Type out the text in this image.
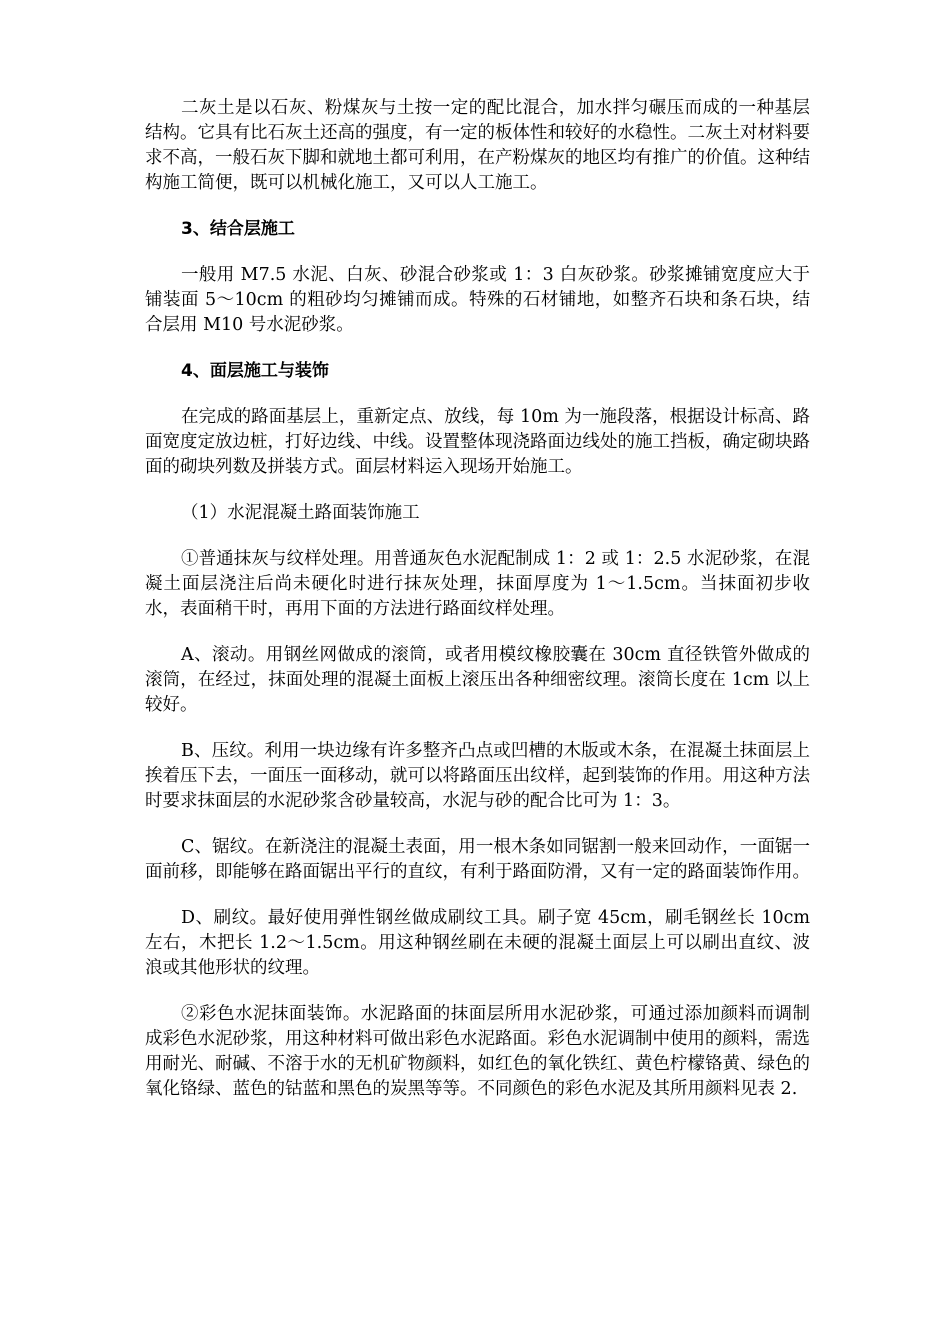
二灰土是以石灰、粉煤灰与土按一定的配比混合，加水拌匀碾压而成的一种基层结构。它具有比石灰土还高的强度，有一定的板体性和较好的水稳性。二灰土对材料要求不高，一般石灰下脚和就地土都可利用，在产粉煤灰的地区均有推广的价值。这种结构施工简便，既可以机械化施工，又可以人工施工。

3、结合层施工

一般用 M7.5 水泥、白灰、砂混合砂浆或 1：3 白灰砂浆。砂浆摊铺宽度应大于铺装面 5～10cm 的粗砂均匀摊铺而成。特殊的石材铺地，如整齐石块和条石块，结合层用 M10 号水泥砂浆。

4、面层施工与装饰

在完成的路面基层上，重新定点、放线，每 10m 为一施段落，根据设计标高、路面宽度定放边桩，打好边线、中线。设置整体现浇路面边线处的施工挡板，确定砌块路面的砌块列数及拼装方式。面层材料运入现场开始施工。

（1）水泥混凝土路面装饰施工

①普通抹灰与纹样处理。用普通灰色水泥配制成 1：2 或 1：2.5 水泥砂浆，在混凝土面层浇注后尚未硬化时进行抹灰处理，抹面厚度为 1～1.5cm。当抹面初步收水，表面稍干时，再用下面的方法进行路面纹样处理。

A、滚动。用钢丝网做成的滚筒，或者用模纹橡胶囊在 30cm 直径铁管外做成的滚筒，在经过，抹面处理的混凝土面板上滚压出各种细密纹理。滚筒长度在 1cm 以上较好。

B、压纹。利用一块边缘有许多整齐凸点或凹槽的木版或木条，在混凝土抹面层上挨着压下去，一面压一面移动，就可以将路面压出纹样，起到装饰的作用。用这种方法时要求抹面层的水泥砂浆含砂量较高，水泥与砂的配合比可为 1：3。

C、锯纹。在新浇注的混凝土表面，用一根木条如同锯割一般来回动作，一面锯一面前移，即能够在路面锯出平行的直纹，有利于路面防滑，又有一定的路面装饰作用。

D、刷纹。最好使用弹性钢丝做成刷纹工具。刷子宽 45cm，刷毛钢丝长 10cm 左右，木把长 1.2～1.5cm。用这种钢丝刷在未硬的混凝土面层上可以刷出直纹、波浪或其他形状的纹理。

②彩色水泥抹面装饰。水泥路面的抹面层所用水泥砂浆，可通过添加颜料而调制成彩色水泥砂浆，用这种材料可做出彩色水泥路面。彩色水泥调制中使用的颜料，需选用耐光、耐碱、不溶于水的无机矿物颜料，如红色的氧化铁红、黄色柠檬铬黄、绿色的氧化铬绿、蓝色的钴蓝和黑色的炭黑等等。不同颜色的彩色水泥及其所用颜料见表 2.
